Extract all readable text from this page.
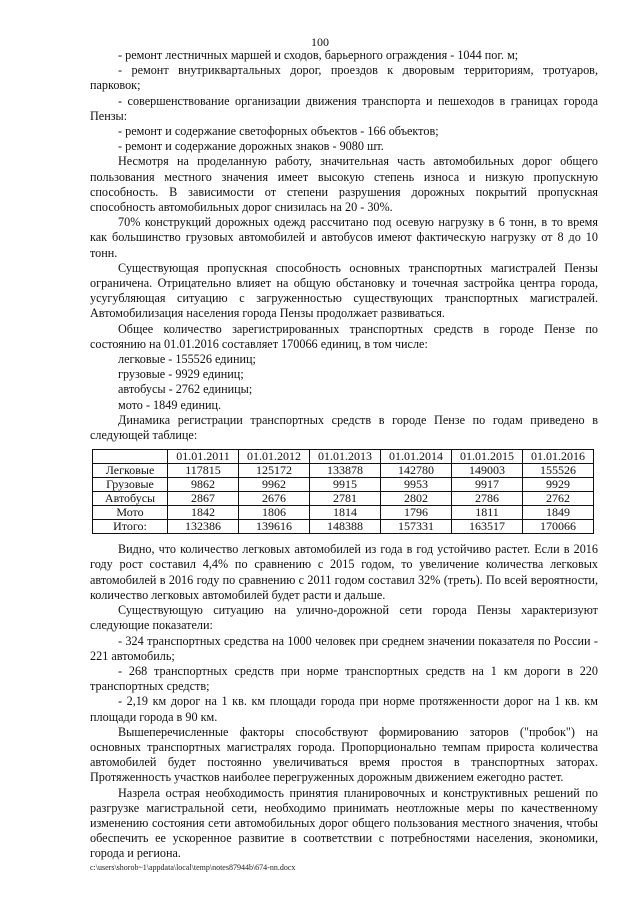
100

- ремонт лестничных маршей и сходов, барьерного ограждения - 1044 пог. м;

- ремонт внутриквартальных дорог, проездов к дворовым территориям, тротуаров, парковок;

- совершенствование организации движения транспорта и пешеходов в границах города Пензы:

- ремонт и содержание светофорных объектов - 166 объектов;

- ремонт и содержание дорожных знаков - 9080 шт.

Несмотря на проделанную работу, значительная часть автомобильных дорог общего пользования местного значения имеет высокую степень износа и низкую пропускную способность. В зависимости от степени разрушения дорожных покрытий пропускная способность автомобильных дорог снизилась на 20 - 30%.

70% конструкций дорожных одежд рассчитано под осевую нагрузку в 6 тонн, в то время как большинство грузовых автомобилей и автобусов имеют фактическую нагрузку от 8 до 10 тонн.

Существующая пропускная способность основных транспортных магистралей Пензы ограничена. Отрицательно влияет на общую обстановку и точечная застройка центра города, усугубляющая ситуацию с загруженностью существующих транспортных магистралей. Автомобилизация населения города Пензы продолжает развиваться.

Общее количество зарегистрированных транспортных средств в городе Пензе по состоянию на 01.01.2016 составляет 170066 единиц, в том числе:

легковые - 155526 единиц;

грузовые - 9929 единиц;

автобусы - 2762 единицы;

мото - 1849 единиц.

Динамика регистрации транспортных средств в городе Пензе по годам приведено в следующей таблице:

	01.01.2011	01.01.2012	01.01.2013	01.01.2014	01.01.2015	01.01.2016
Легковые	117815	125172	133878	142780	149003	155526
Грузовые	9862	9962	9915	9953	9917	9929
Автобусы	2867	2676	2781	2802	2786	2762
Мото	1842	1806	1814	1796	1811	1849
Итого:	132386	139616	148388	157331	163517	170066

Видно, что количество легковых автомобилей из года в год устойчиво растет. Если в 2016 году рост составил 4,4% по сравнению с 2015 годом, то увеличение количества легковых автомобилей в 2016 году по сравнению с 2011 годом составил 32% (треть). По всей вероятности, количество легковых автомобилей будет расти и дальше.

Существующую ситуацию на улично-дорожной сети города Пензы характеризуют следующие показатели:

- 324 транспортных средства на 1000 человек при среднем значении показателя по России - 221 автомобиль;

- 268 транспортных средств при норме транспортных средств на 1 км дороги в 220 транспортных средств;

- 2,19 км дорог на 1 кв. км площади города при норме протяженности дорог на 1 кв. км площади города в 90 км.

Вышеперечисленные факторы способствуют формированию заторов ("пробок") на основных транспортных магистралях города. Пропорционально темпам прироста количества автомобилей будет постоянно увеличиваться время простоя в транспортных заторах. Протяженность участков наиболее перегруженных дорожным движением ежегодно растет.

Назрела острая необходимость принятия планировочных и конструктивных решений по разгрузке магистральной сети, необходимо принимать неотложные меры по качественному изменению состояния сети автомобильных дорог общего пользования местного значения, чтобы обеспечить ее ускоренное развитие в соответствии с потребностями населения, экономики, города и региона.

c:\users\shorob~1\appdata\local\temp\notes87944b\674-nn.docx
